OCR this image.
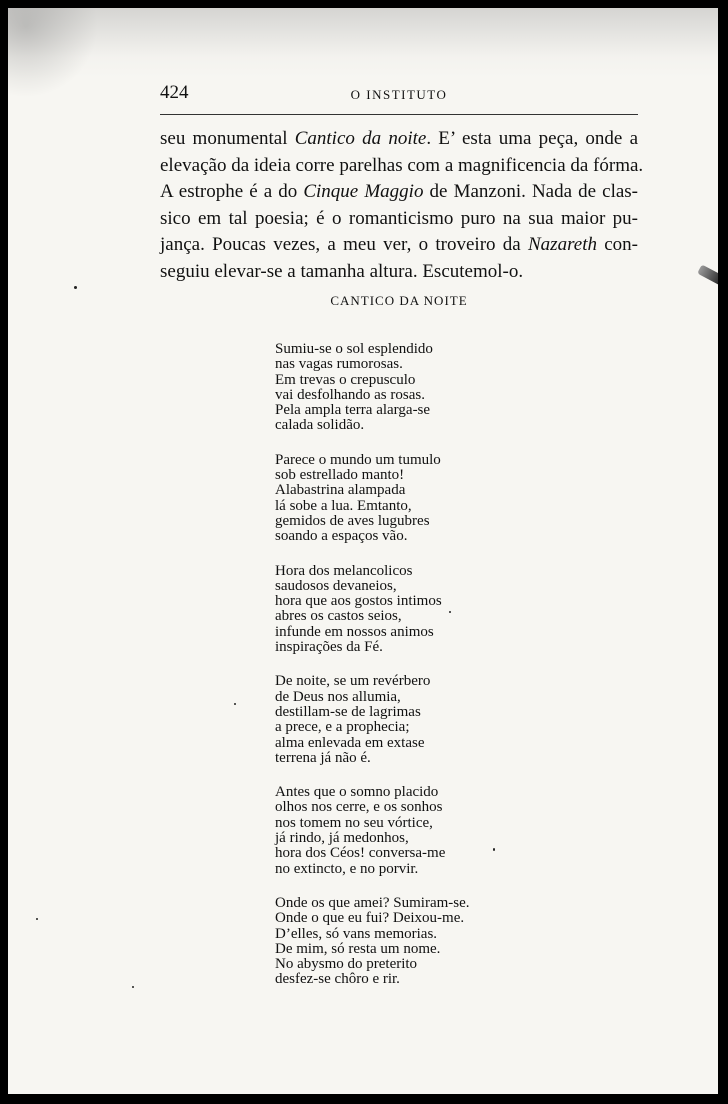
424	O INSTITUTO

seu monumental Cantico da noite. E’ esta uma peça, onde a
elevação da ideia corre parelhas com a magnificencia da fórma.
A estrophe é a do Cinque Maggio de Manzoni. Nada de clas-
sico em tal poesia; é o romanticismo puro na sua maior pu-
jança. Poucas vezes, a meu ver, o troveiro da Nazareth con-
seguiu elevar-se a tamanha altura. Escutemol-o.

CANTICO DA NOITE
Sumiu-se o sol esplendido
nas vagas rumorosas.
Em trevas o crepusculo
vai desfolhando as rosas.
Pela ampla terra alarga-se
calada solidão.
Parece o mundo um tumulo
sob estrellado manto!
Alabastrina alampada
lá sobe a lua. Emtanto,
gemidos de aves lugubres
soando a espaços vão.
Hora dos melancolicos
saudosos devaneios,
hora que aos gostos intimos
abres os castos seios,
infunde em nossos animos
inspirações da Fé.
De noite, se um revérbero
de Deus nos allumia,
destillam-se de lagrimas
a prece, e a prophecia;
alma enlevada em extase
terrena já não é.
Antes que o somno placido
olhos nos cerre, e os sonhos
nos tomem no seu vórtice,
já rindo, já medonhos,
hora dos Céos! conversa-me
no extincto, e no porvir.
Onde os que amei? Sumiram-se.
Onde o que eu fui? Deixou-me.
D’elles, só vans memorias.
De mim, só resta um nome.
No abysmo do preterito
desfez-se chôro e rir.
